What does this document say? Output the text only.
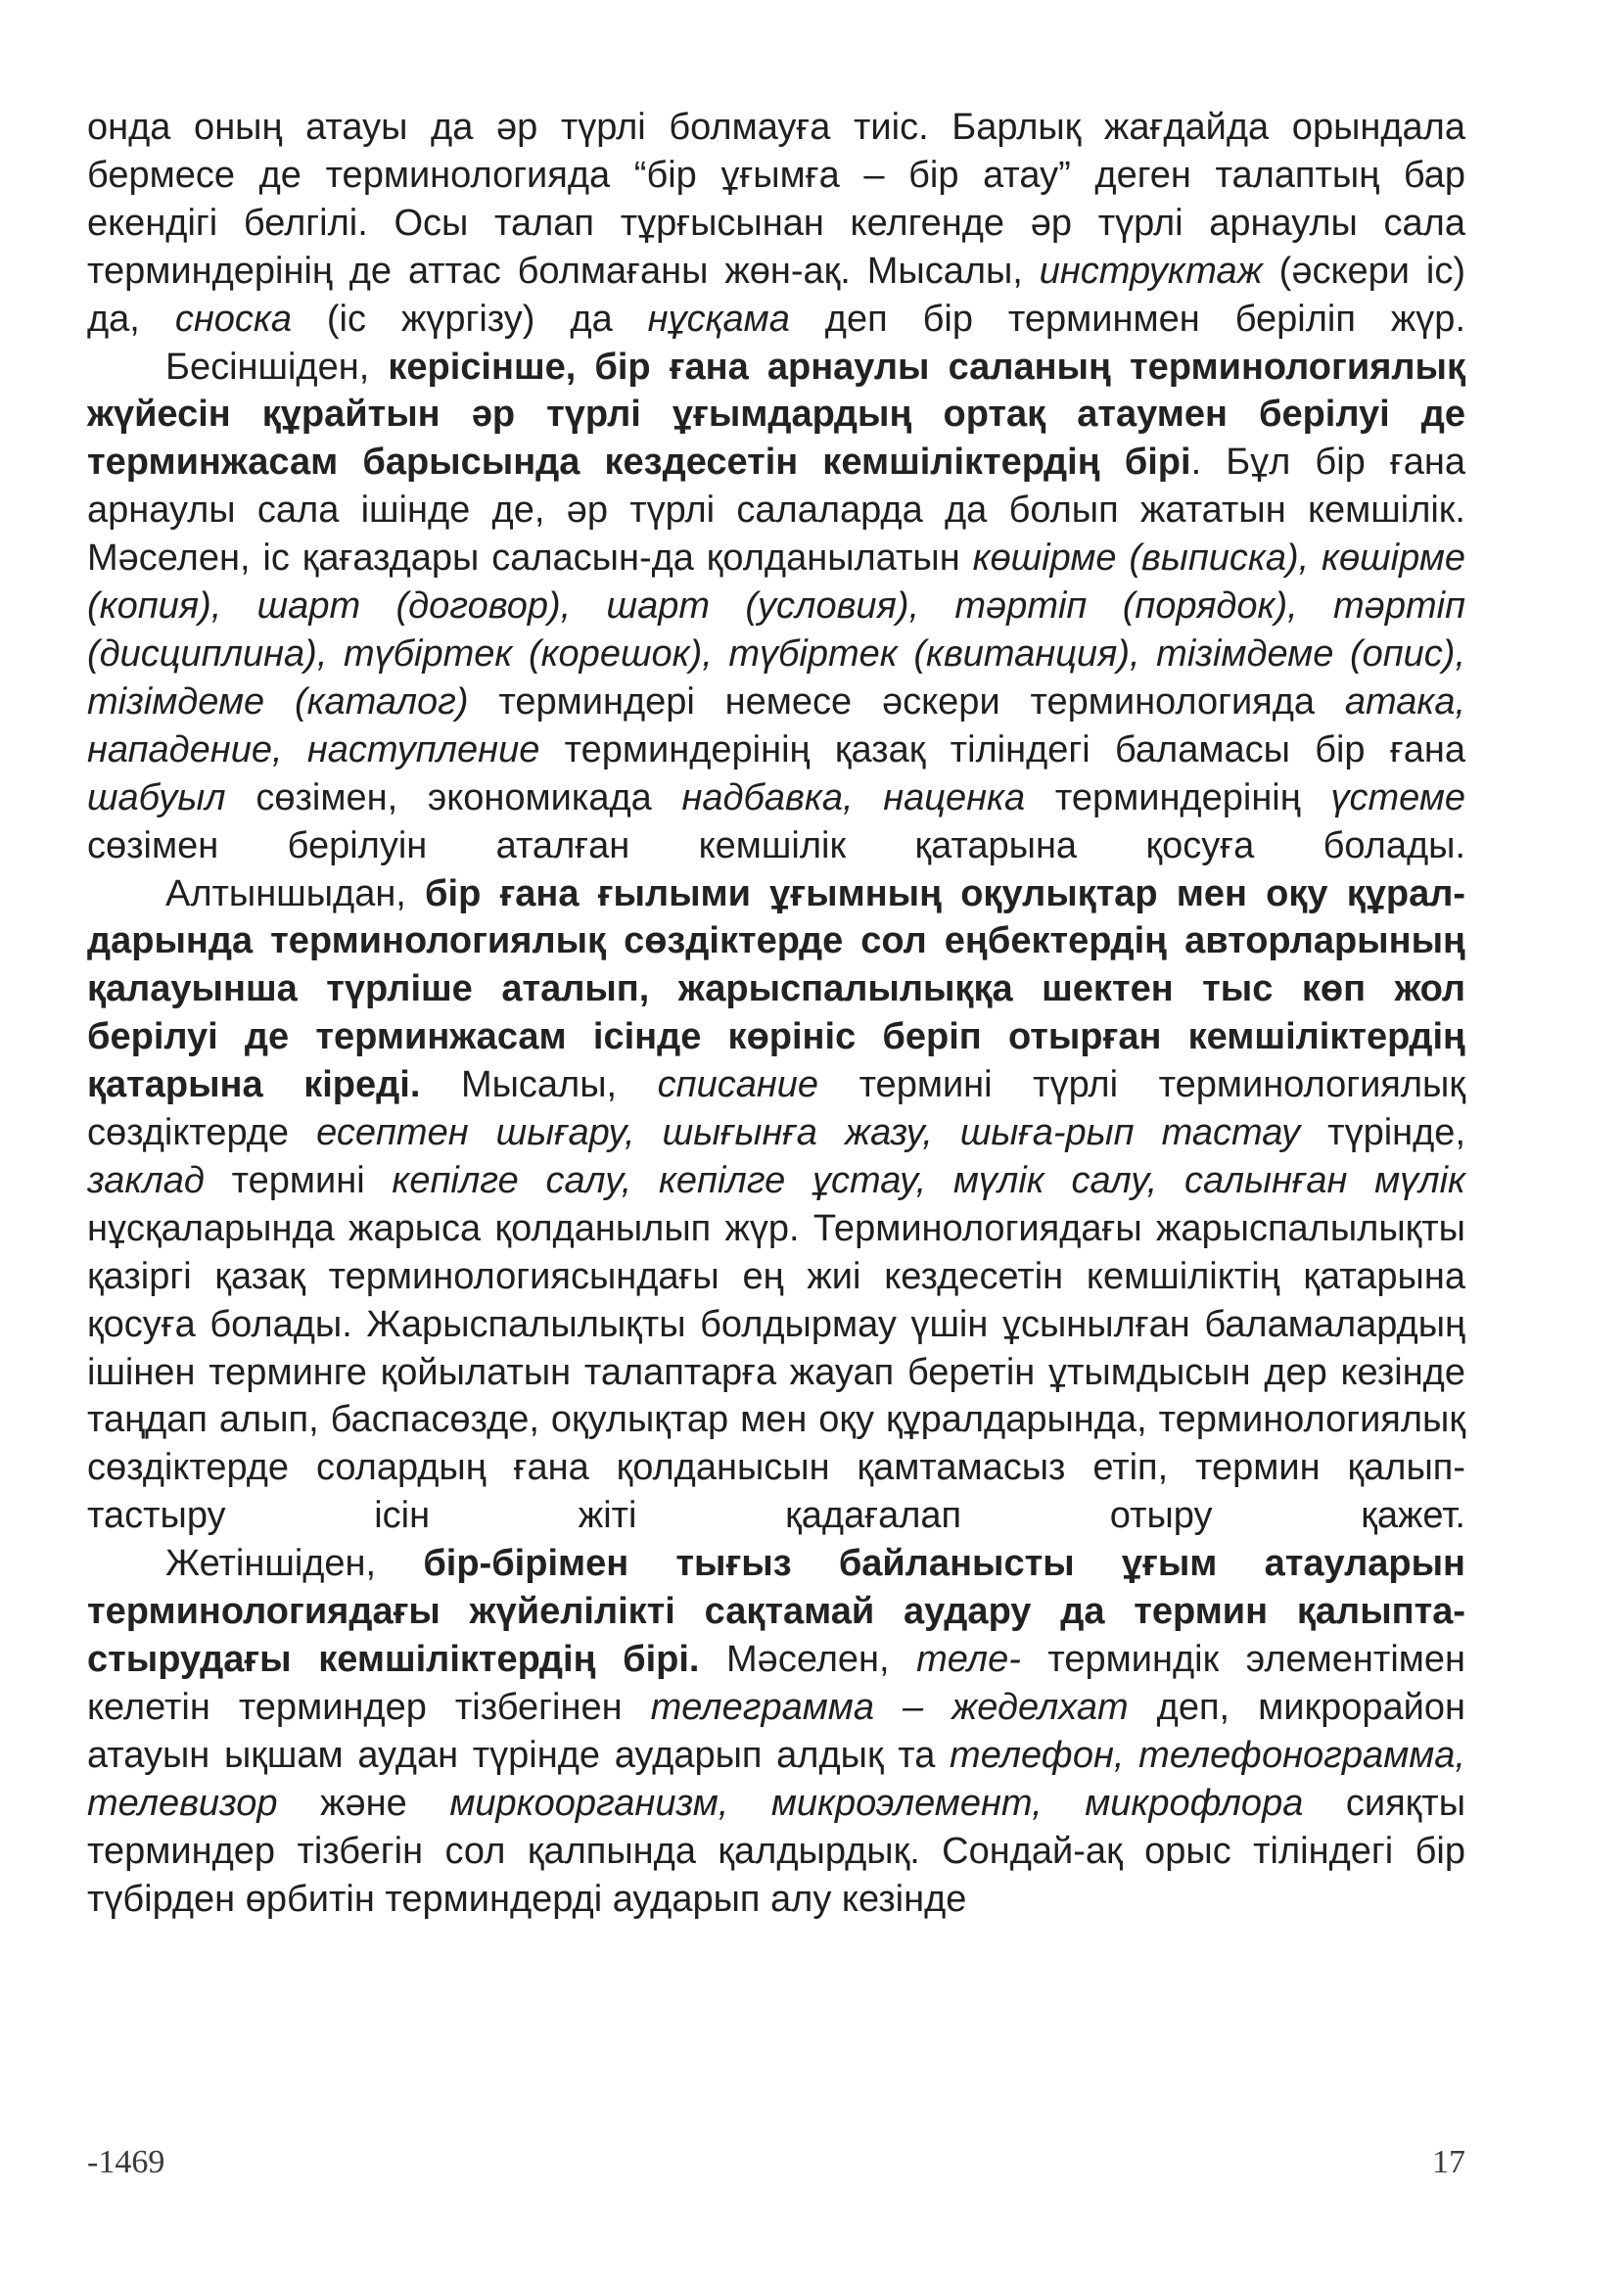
онда оның атауы да әр түрлі болмауға тиіс. Барлық жағдайда орындала бермесе де терминологияда “бір ұғымға – бір атау” деген талаптың бар екендігі белгілі. Осы талап тұрғысынан келгенде әр түрлі арнаулы сала терминдерінің де аттас болмағаны жөн-ақ. Мысалы, инструктаж (әскери іс) да, сноска (іс жүргізу) да нұсқама деп бір терминмен беріліп жүр.

Бесіншіден, керісінше, бір ғана арнаулы саланың терминологиялық жүйесін құрайтын әр түрлі ұғымдардың ортақ атаумен берілуі де терминжасам барысында кездесетін кемшіліктердің бірі. Бұл бір ғана арнаулы сала ішінде де, әр түрлі салаларда да болып жататын кемшілік. Мәселен, іс қағаздары саласын-да қолданылатын көшірме (выписка), көшірме (копия), шарт (договор), шарт (условия), тәртіп (порядок), тәртіп (дисциплина), түбіртек (корешок), түбіртек (квитанция), тізімдеме (опис), тізімдеме (каталог) терминдері немесе әскери терминологияда атака, нападение, наступление терминдерінің қазақ тіліндегі баламасы бір ғана шабуыл сөзімен, экономикада надбавка, наценка терминдерінің үстеме сөзімен берілуін аталған кемшілік қатарына қосуға болады.

Алтыншыдан, бір ғана ғылыми ұғымның оқулықтар мен оқу құрал-дарында терминологиялық сөздіктерде сол еңбектердің авторларының қалауынша түрліше аталып, жарыспалылыққа шектен тыс көп жол берілуі де терминжасам ісінде көрініс беріп отырған кемшіліктердің қатарына кіреді. Мысалы, списание термині түрлі терминологиялық сөздіктерде есептен шығару, шығынға жазу, шыға-рып тастау түрінде, заклад термині кепілге салу, кепілге ұстау, мүлік салу, салынған мүлік нұсқаларында жарыса қолданылып жүр. Терминологиядағы жарыспалылықты қазіргі қазақ терминологиясындағы ең жиі кездесетін кемшіліктің қатарына қосуға болады. Жарыспалылықты болдырмау үшін ұсынылған баламалардың ішінен терминге қойылатын талаптарға жауап беретін ұтымдысын дер кезінде таңдап алып, баспасөзде, оқулықтар мен оқу құралдарында, терминологиялық сөздіктерде солардың ғана қолданысын қамтамасыз етіп, термин қалып-тастыру ісін жіті қадағалап отыру қажет.

Жетіншіден, бір-бірімен тығыз байланысты ұғым атауларын терминологиядағы жүйелілікті сақтамай аудару да термин қалыпта-стырудағы кемшіліктердің бірі. Мәселен, теле- терминдік элементімен келетін терминдер тізбегінен телеграмма – жеделхат деп, микрорайон атауын ықшам аудан түрінде аударып алдық та телефон, телефонограмма, телевизор және миркоорганизм, микроэлемент, микрофлора сияқты терминдер тізбегін сол қалпында қалдырдық. Сондай-ақ орыс тіліндегі бір түбірден өрбитін терминдерді аударып алу кезінде

-1469	17
